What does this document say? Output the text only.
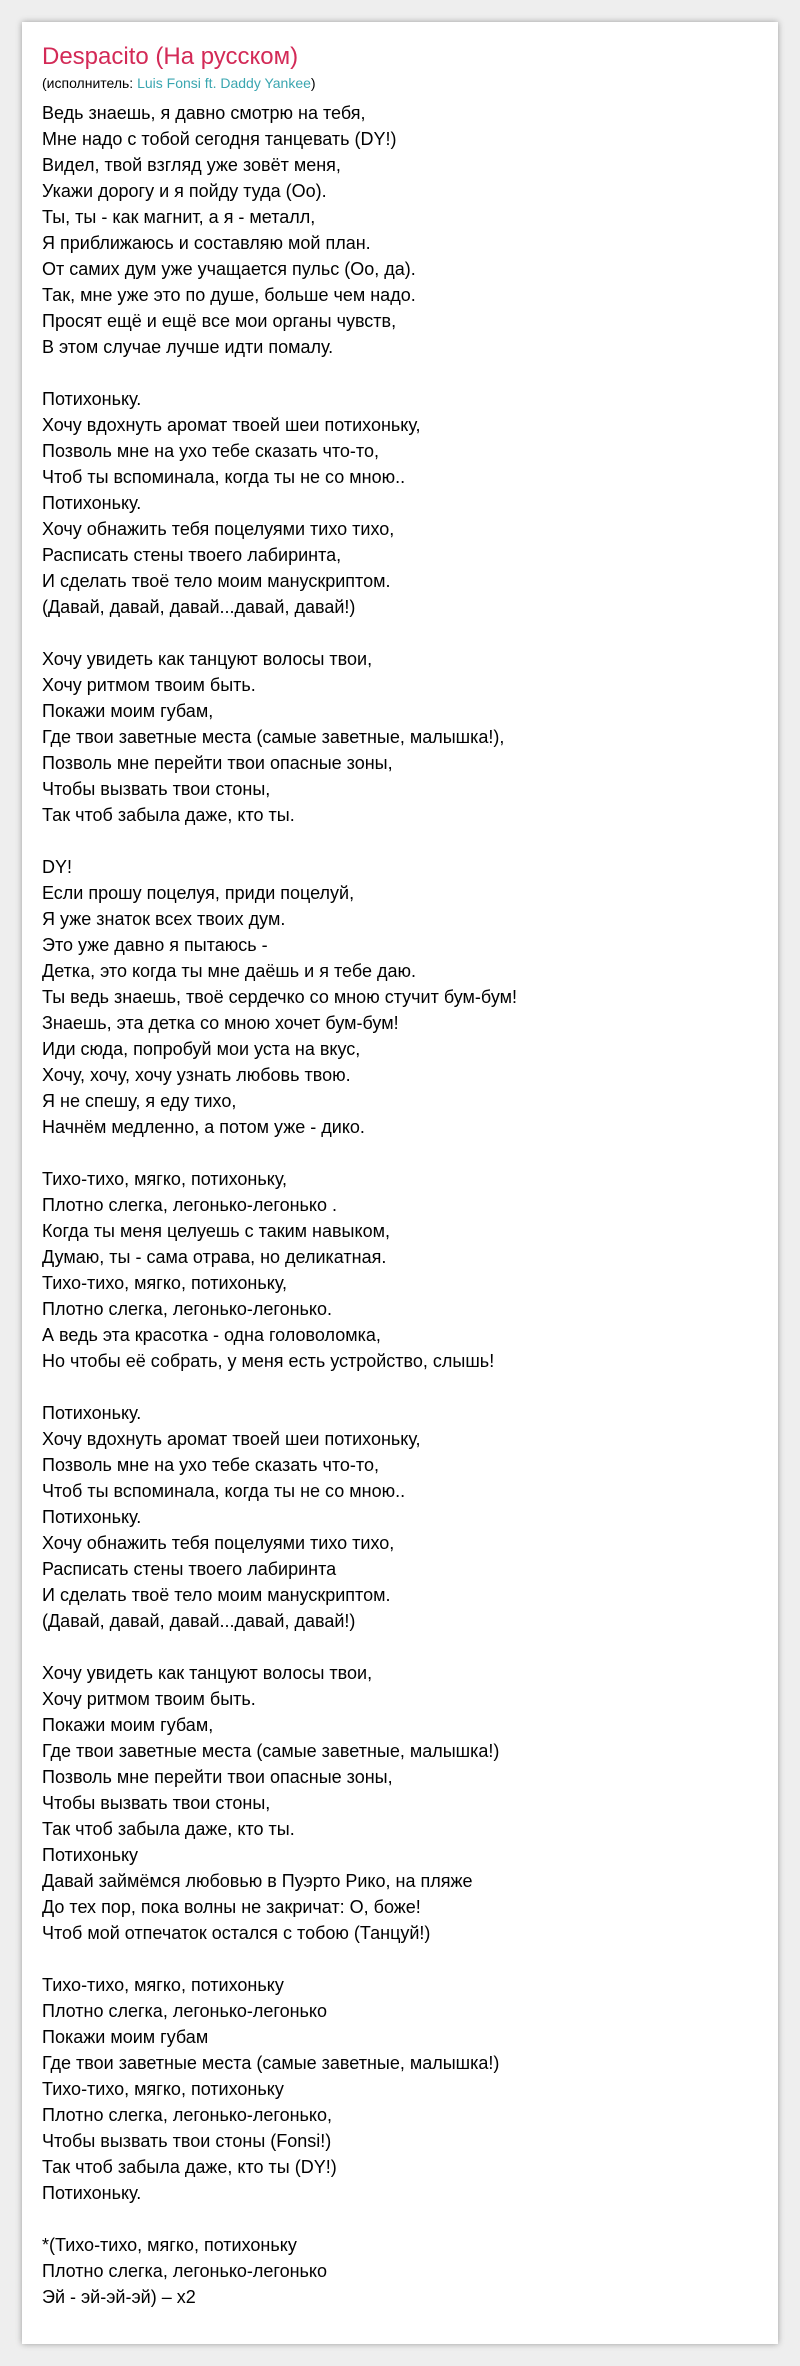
Despacito (На русском)
(исполнитель: Luis Fonsi ft. Daddy Yankee)
Ведь знаешь, я давно смотрю на тебя,
Мне надо с тобой сегодня танцевать (DY!)
Видел, твой взгляд уже зовёт меня,
Укажи дорогу и я пойду туда (Оо).
Ты, ты - как магнит, а я - металл,
Я приближаюсь и составляю мой план.
От самих дум уже учащается пульс (Оо, да).
Так, мне уже это по душе, больше чем надо.
Просят ещё и ещё все мои органы чувств,
В этом случае лучше идти помалу.
Потихоньку.
Хочу вдохнуть аромат твоей шеи потихоньку,
Позволь мне на ухо тебе сказать что-то,
Чтоб ты вспоминала, когда ты не со мною..
Потихоньку.
Хочу обнажить тебя поцелуями тихо тихо,
Расписать стены твоего лабиринта,
И сделать твоё тело моим манускриптом.
(Давай, давай, давай...давай, давай!)
Хочу увидеть как танцуют волосы твои,
Хочу ритмом твоим быть.
Покажи моим губам,
Где твои заветные места (самые заветные, малышка!),
Позволь мне перейти твои опасные зоны,
Чтобы вызвать твои стоны,
Так чтоб забыла даже, кто ты.
DY!
Если прошу поцелуя, приди поцелуй,
Я уже знаток всех твоих дум.
Это уже давно я пытаюсь -
Детка, это когда ты мне даёшь и я тебе даю.
Ты ведь знаешь, твоё сердечко со мною стучит бум-бум!
Знаешь, эта детка со мною хочет бум-бум!
Иди сюда, попробуй мои уста на вкус,
Хочу, хочу, хочу узнать любовь твою.
Я не спешу, я еду тихо,
Начнём медленно, а потом уже - дико.
Тихо-тихо, мягко, потихоньку,
Плотно слегка, легонько-легонько .
Когда ты меня целуешь с таким навыком,
Думаю, ты - сама отрава, но деликатная.
Тихо-тихо, мягко, потихоньку,
Плотно слегка, легонько-легонько.
А ведь эта красотка - одна головоломка,
Но чтобы её собрать, у меня есть устройство, слышь!
Потихоньку.
Хочу вдохнуть аромат твоей шеи потихоньку,
Позволь мне на ухо тебе сказать что-то,
Чтоб ты вспоминала, когда ты не со мною..
Потихоньку.
Хочу обнажить тебя поцелуями тихо тихо,
Расписать стены твоего лабиринта
И сделать твоё тело моим манускриптом.
(Давай, давай, давай...давай, давай!)
Хочу увидеть как танцуют волосы твои,
Хочу ритмом твоим быть.
Покажи моим губам,
Где твои заветные места (самые заветные, малышка!)
Позволь мне перейти твои опасные зоны,
Чтобы вызвать твои стоны,
Так чтоб забыла даже, кто ты.
Потихоньку
Давай займёмся любовью в Пуэрто Рико, на пляже
До тех пор, пока волны не закричат: О, боже!
Чтоб мой отпечаток остался с тобою (Танцуй!)
Тихо-тихо, мягко, потихоньку
Плотно слегка, легонько-легонько
Покажи моим губам
Где твои заветные места (самые заветные, малышка!)
Тихо-тихо, мягко, потихоньку
Плотно слегка, легонько-легонько,
Чтобы вызвать твои стоны (Fonsi!)
Так чтоб забыла даже, кто ты (DY!)
Потихоньку.
*(Тихо-тихо, мягко, потихоньку
Плотно слегка, легонько-легонько
Эй - эй-эй-эй) – x2
